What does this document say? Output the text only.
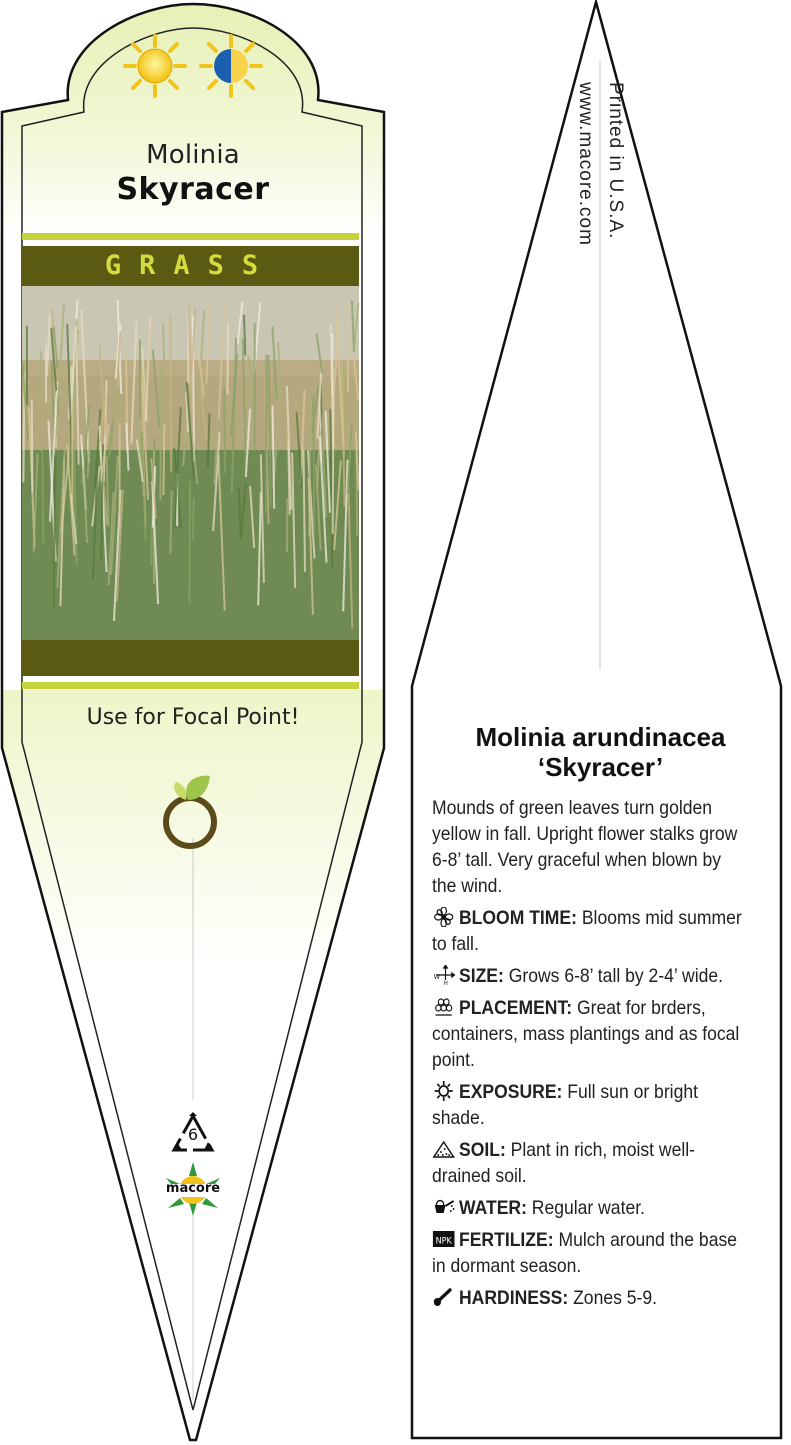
Molinia
Skyracer
GRASS
Use for Focal Point!
6
macore
Printed in U.S.A.
www.macore.com
Molinia arundinacea
‘Skyracer’

Mounds of green leaves turn golden yellow in fall. Upright flower stalks grow 6-8’ tall. Very graceful when blown by the wind.

BLOOM TIME: Blooms mid summer to fall.

W
H SIZE: Grows 6-8’ tall by 2-4’ wide.

PLACEMENT: Great for brders, containers, mass plantings and as focal point.

EXPOSURE: Full sun or bright shade.

SOIL: Plant in rich, moist well-drained soil.

WATER: Regular water.

NPK FERTILIZE: Mulch around the base in dormant season.

HARDINESS: Zones 5-9.
